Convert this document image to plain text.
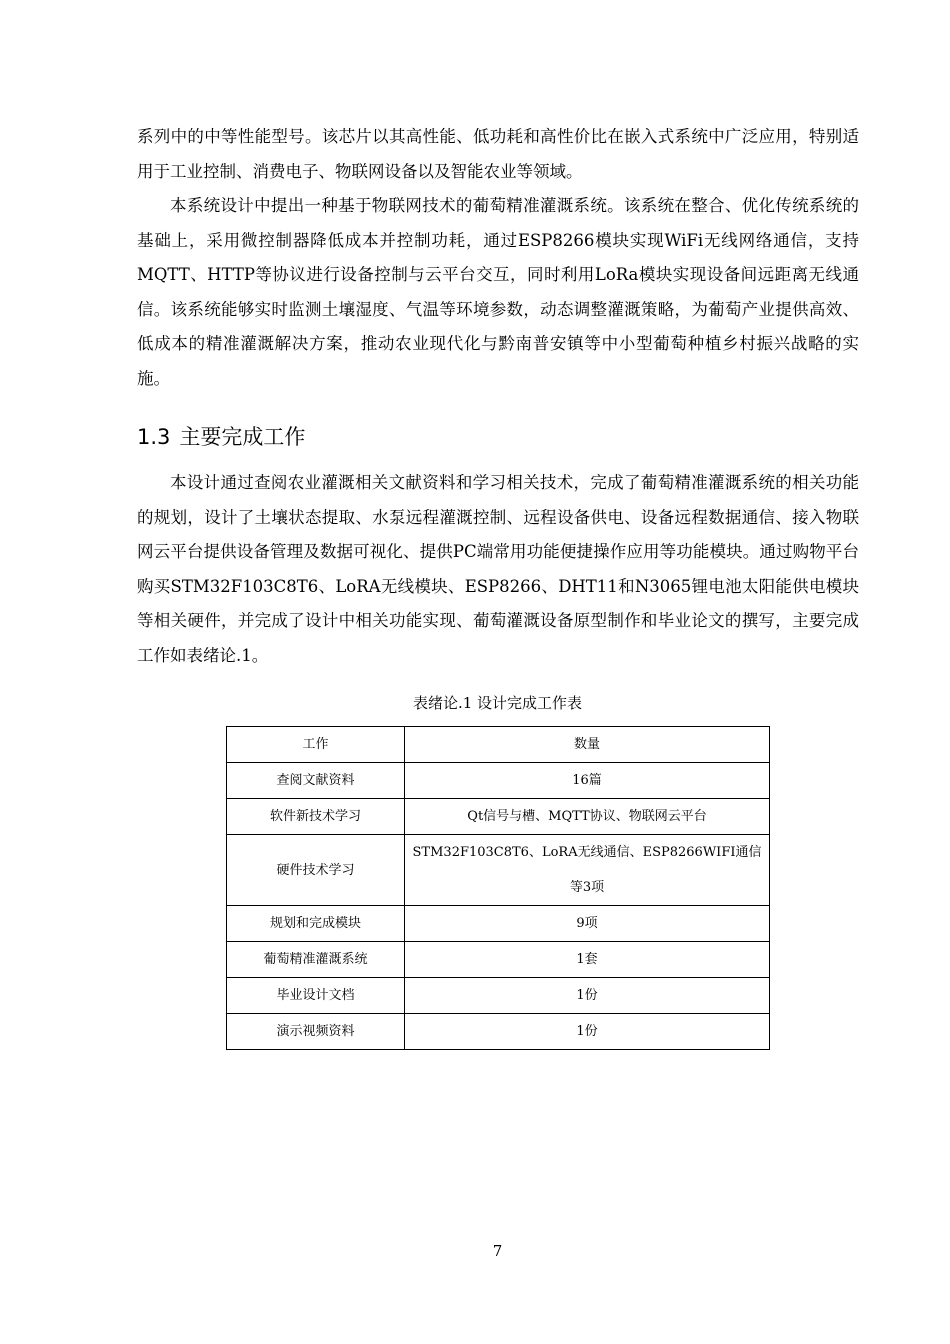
系列中的中等性能型号。该芯片以其高性能、低功耗和高性价比在嵌入式系统中广泛应用，特别适用于工业控制、消费电子、物联网设备以及智能农业等领域。

本系统设计中提出一种基于物联网技术的葡萄精准灌溉系统。该系统在整合、优化传统系统的基础上，采用微控制器降低成本并控制功耗，通过ESP8266模块实现WiFi无线网络通信，支持MQTT、HTTP等协议进行设备控制与云平台交互，同时利用LoRa模块实现设备间远距离无线通信。该系统能够实时监测土壤湿度、气温等环境参数，动态调整灌溉策略，为葡萄产业提供高效、低成本的精准灌溉解决方案，推动农业现代化与黔南普安镇等中小型葡萄种植乡村振兴战略的实施。

1.3 主要完成工作

本设计通过查阅农业灌溉相关文献资料和学习相关技术，完成了葡萄精准灌溉系统的相关功能的规划，设计了土壤状态提取、水泵远程灌溉控制、远程设备供电、设备远程数据通信、接入物联网云平台提供设备管理及数据可视化、提供PC端常用功能便捷操作应用等功能模块。通过购物平台购买STM32F103C8T6、LoRA无线模块、ESP8266、DHT11和N3065锂电池太阳能供电模块等相关硬件，并完成了设计中相关功能实现、葡萄灌溉设备原型制作和毕业论文的撰写，主要完成工作如表绪论.1。

表绪论.1 设计完成工作表
工作	数量
查阅文献资料	16篇
软件新技术学习	Qt信号与槽、MQTT协议、物联网云平台
硬件技术学习	STM32F103C8T6、LoRA无线通信、ESP8266WIFI通信等3项
规划和完成模块	9项
葡萄精准灌溉系统	1套
毕业设计文档	1份
演示视频资料	1份
7
